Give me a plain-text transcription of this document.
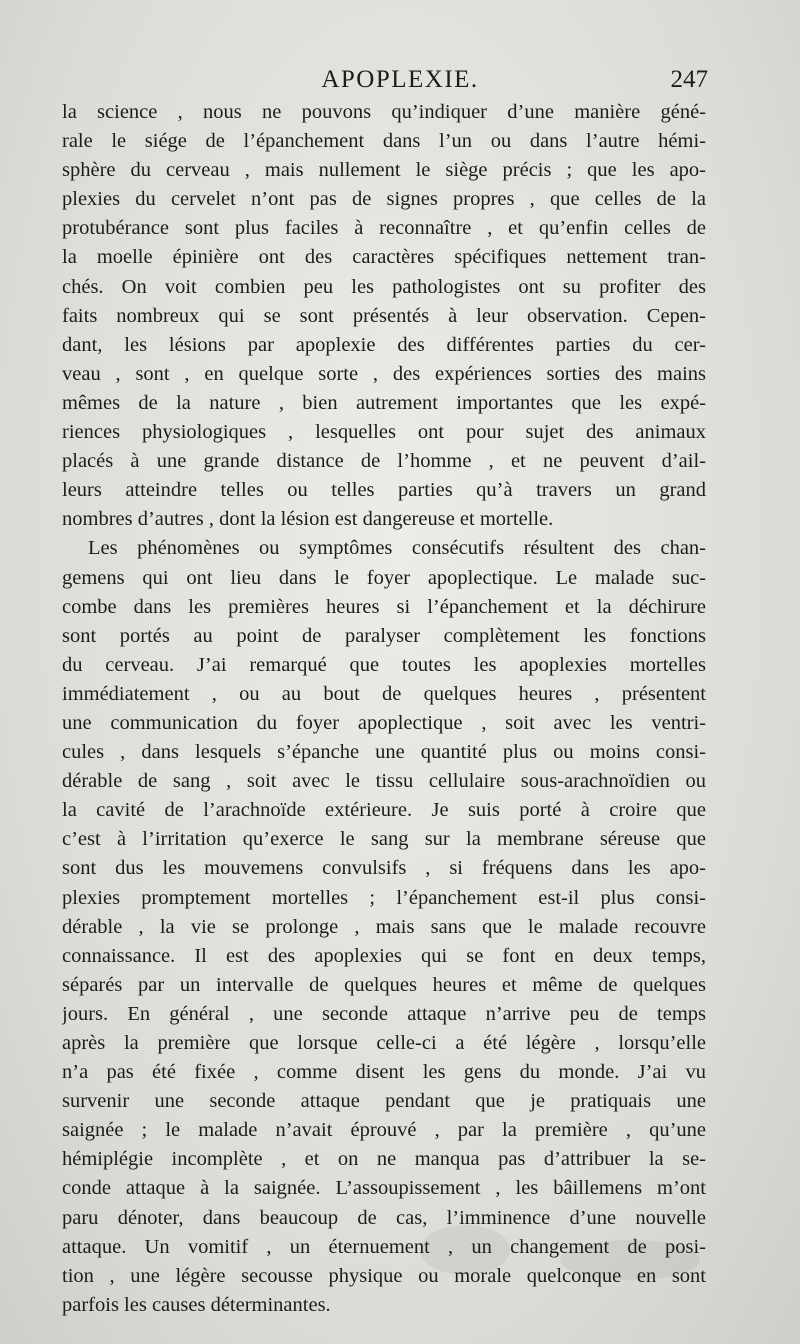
APOPLEXIE.	247
la science , nous ne pouvons qu’indiquer d’une manière géné-
rale le siége de l’épanchement dans l’un ou dans l’autre hémi-
sphère du cerveau , mais nullement le siège précis ; que les apo-
plexies du cervelet n’ont pas de signes propres , que celles de la
protubérance sont plus faciles à reconnaître , et qu’enfin celles de
la moelle épinière ont des caractères spécifiques nettement tran-
chés. On voit combien peu les pathologistes ont su profiter des
faits nombreux qui se sont présentés à leur observation. Cepen-
dant, les lésions par apoplexie des différentes parties du cer-
veau , sont , en quelque sorte , des expériences sorties des mains
mêmes de la nature , bien autrement importantes que les expé-
riences physiologiques , lesquelles ont pour sujet des animaux
placés à une grande distance de l’homme , et ne peuvent d’ail-
leurs atteindre telles ou telles parties qu’à travers un grand
nombres d’autres , dont la lésion est dangereuse et mortelle.
Les phénomènes ou symptômes consécutifs résultent des chan-
gemens qui ont lieu dans le foyer apoplectique. Le malade suc-
combe dans les premières heures si l’épanchement et la déchirure
sont portés au point de paralyser complètement les fonctions
du cerveau. J’ai remarqué que toutes les apoplexies mortelles
immédiatement , ou au bout de quelques heures , présentent
une communication du foyer apoplectique , soit avec les ventri-
cules , dans lesquels s’épanche une quantité plus ou moins consi-
dérable de sang , soit avec le tissu cellulaire sous-arachnoïdien ou
la cavité de l’arachnoïde extérieure. Je suis porté à croire que
c’est à l’irritation qu’exerce le sang sur la membrane séreuse que
sont dus les mouvemens convulsifs , si fréquens dans les apo-
plexies promptement mortelles ; l’épanchement est-il plus consi-
dérable , la vie se prolonge , mais sans que le malade recouvre
connaissance. Il est des apoplexies qui se font en deux temps,
séparés par un intervalle de quelques heures et même de quelques
jours. En général , une seconde attaque n’arrive peu de temps
après la première que lorsque celle-ci a été légère , lorsqu’elle
n’a pas été fixée , comme disent les gens du monde. J’ai vu
survenir une seconde attaque pendant que je pratiquais une
saignée ; le malade n’avait éprouvé , par la première , qu’une
hémiplégie incomplète , et on ne manqua pas d’attribuer la se-
conde attaque à la saignée. L’assoupissement , les bâillemens m’ont
paru dénoter, dans beaucoup de cas, l’imminence d’une nouvelle
attaque. Un vomitif , un éternuement , un changement de posi-
tion , une légère secousse physique ou morale quelconque en sont
parfois les causes déterminantes.
